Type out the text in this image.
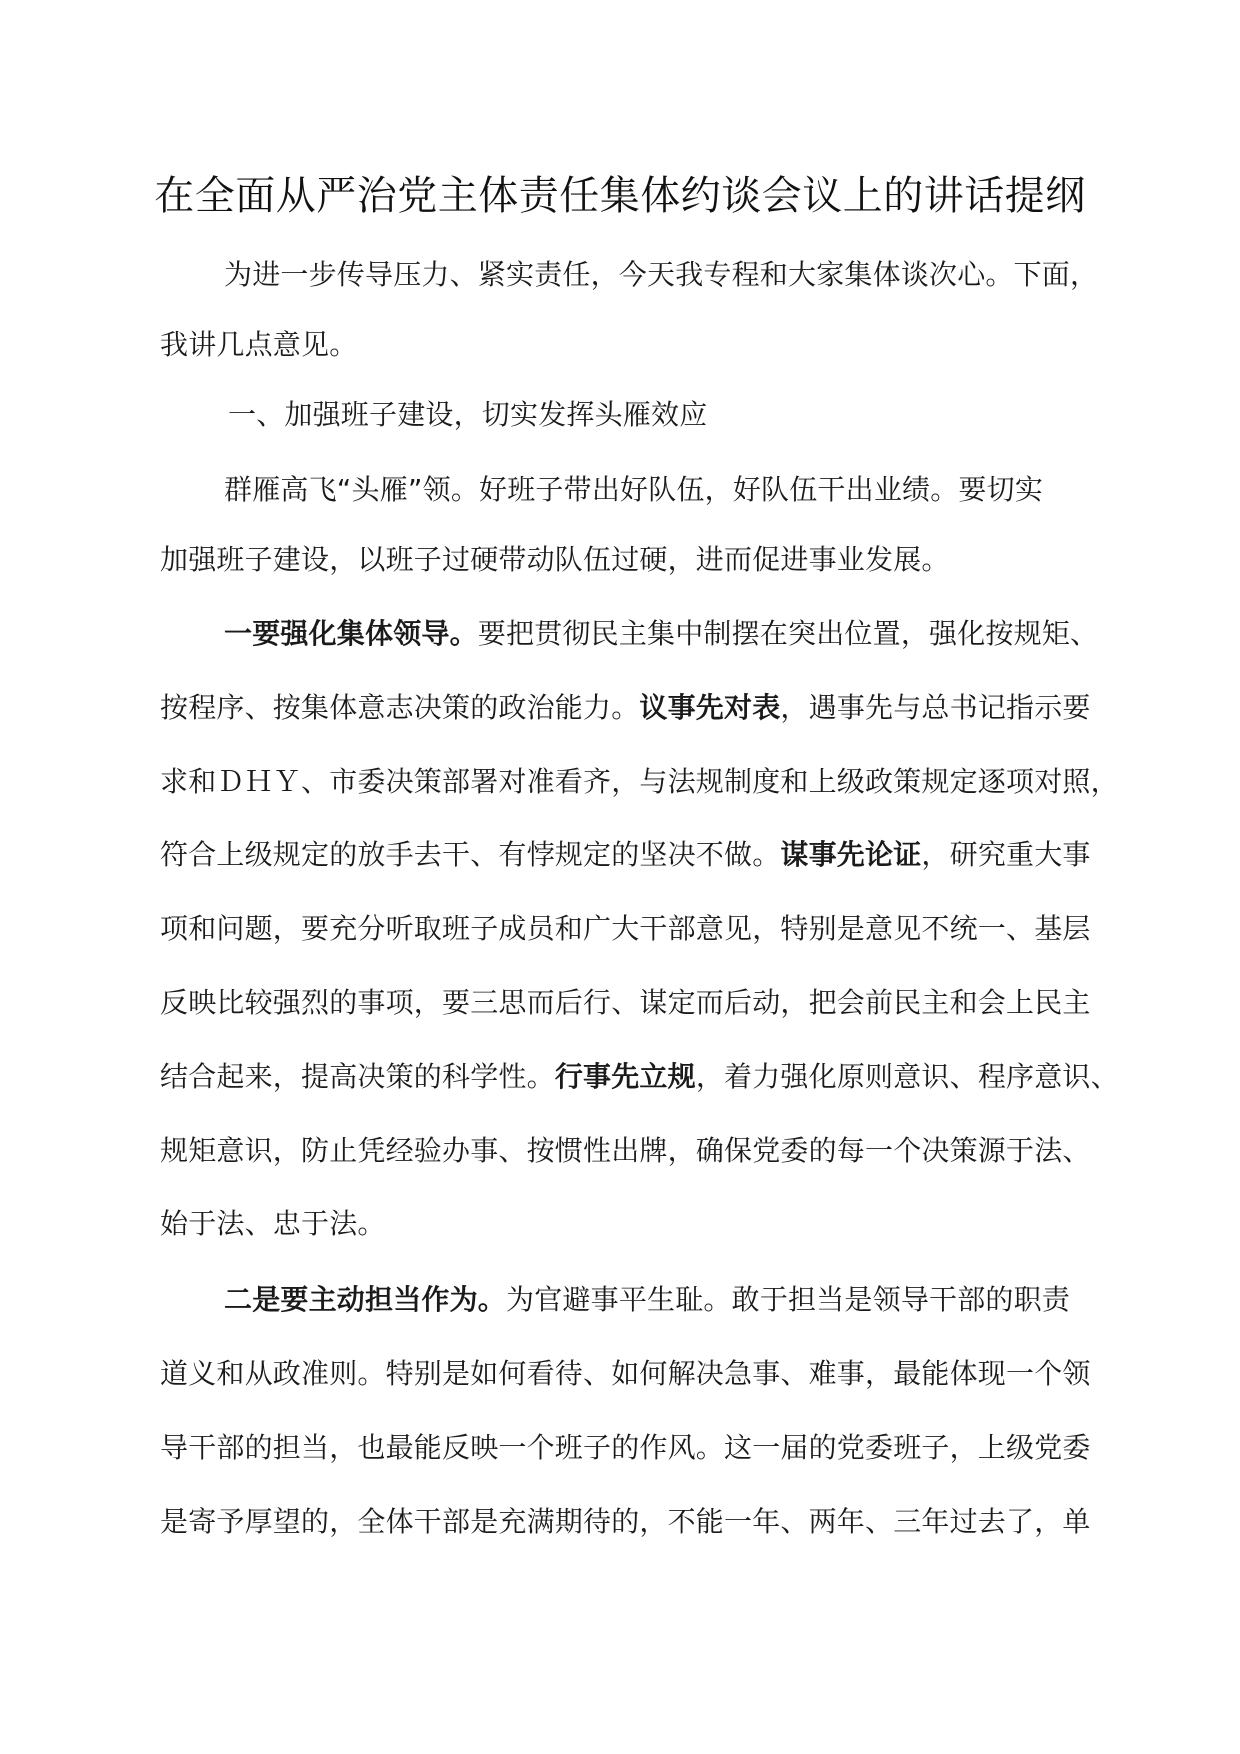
在全面从严治党主体责任集体约谈会议上的讲话提纲
为进一步传导压力、紧实责任，今天我专程和大家集体谈次心。下面，
我讲几点意见。
一、加强班子建设，切实发挥头雁效应
群雁高飞“头雁”领。好班子带出好队伍，好队伍干出业绩。要切实
加强班子建设，以班子过硬带动队伍过硬，进而促进事业发展。
一要强化集体领导。要把贯彻民主集中制摆在突出位置，强化按规矩、
按程序、按集体意志决策的政治能力。议事先对表，遇事先与总书记指示要
求和ＤＨＹ、市委决策部署对准看齐，与法规制度和上级政策规定逐项对照，
符合上级规定的放手去干、有悖规定的坚决不做。谋事先论证，研究重大事
项和问题，要充分听取班子成员和广大干部意见，特别是意见不统一、基层
反映比较强烈的事项，要三思而后行、谋定而后动，把会前民主和会上民主
结合起来，提高决策的科学性。行事先立规，着力强化原则意识、程序意识、
规矩意识，防止凭经验办事、按惯性出牌，确保党委的每一个决策源于法、
始于法、忠于法。
二是要主动担当作为。为官避事平生耻。敢于担当是领导干部的职责
道义和从政准则。特别是如何看待、如何解决急事、难事，最能体现一个领
导干部的担当，也最能反映一个班子的作风。这一届的党委班子，上级党委
是寄予厚望的，全体干部是充满期待的，不能一年、两年、三年过去了，单
